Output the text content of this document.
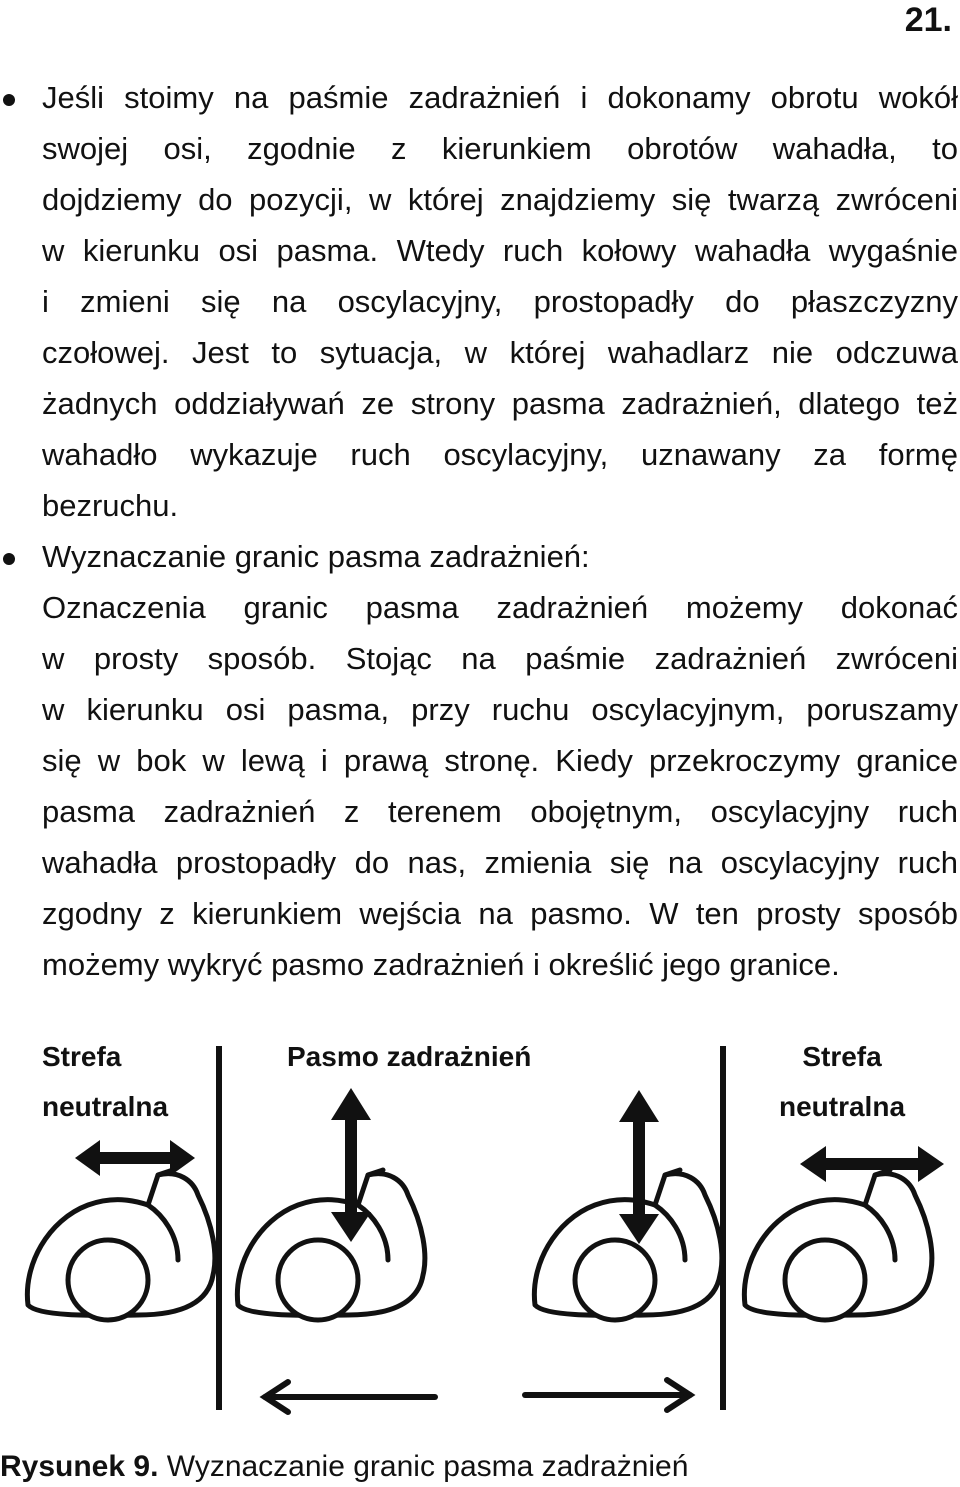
21.
Jeśli stoimy na paśmie zadrażnień i dokonamy obrotu wokół
swojej osi, zgodnie z kierunkiem obrotów wahadła, to
dojdziemy do pozycji, w której znajdziemy się twarzą zwróceni
w kierunku osi pasma. Wtedy ruch kołowy wahadła wygaśnie
i zmieni się na oscylacyjny, prostopadły do płaszczyzny
czołowej. Jest to sytuacja, w której wahadlarz nie odczuwa
żadnych oddziaływań ze strony pasma zadrażnień, dlatego też
wahadło wykazuje ruch oscylacyjny, uznawany za formę
bezruchu.
Wyznaczanie granic pasma zadrażnień:
Oznaczenia granic pasma zadrażnień możemy dokonać
w prosty sposób. Stojąc na paśmie zadrażnień zwróceni
w kierunku osi pasma, przy ruchu oscylacyjnym, poruszamy
się w bok w lewą i prawą stronę. Kiedy przekroczymy granice
pasma zadrażnień z terenem obojętnym, oscylacyjny ruch
wahadła prostopadły do nas, zmienia się na oscylacyjny ruch
zgodny z kierunkiem wejścia na pasmo. W ten prosty sposób
możemy wykryć pasmo zadrażnień i określić jego granice.
Strefa
neutralna
Pasmo zadrażnień	Strefa
neutralna
Rysunek 9. Wyznaczanie granic pasma zadrażnień
